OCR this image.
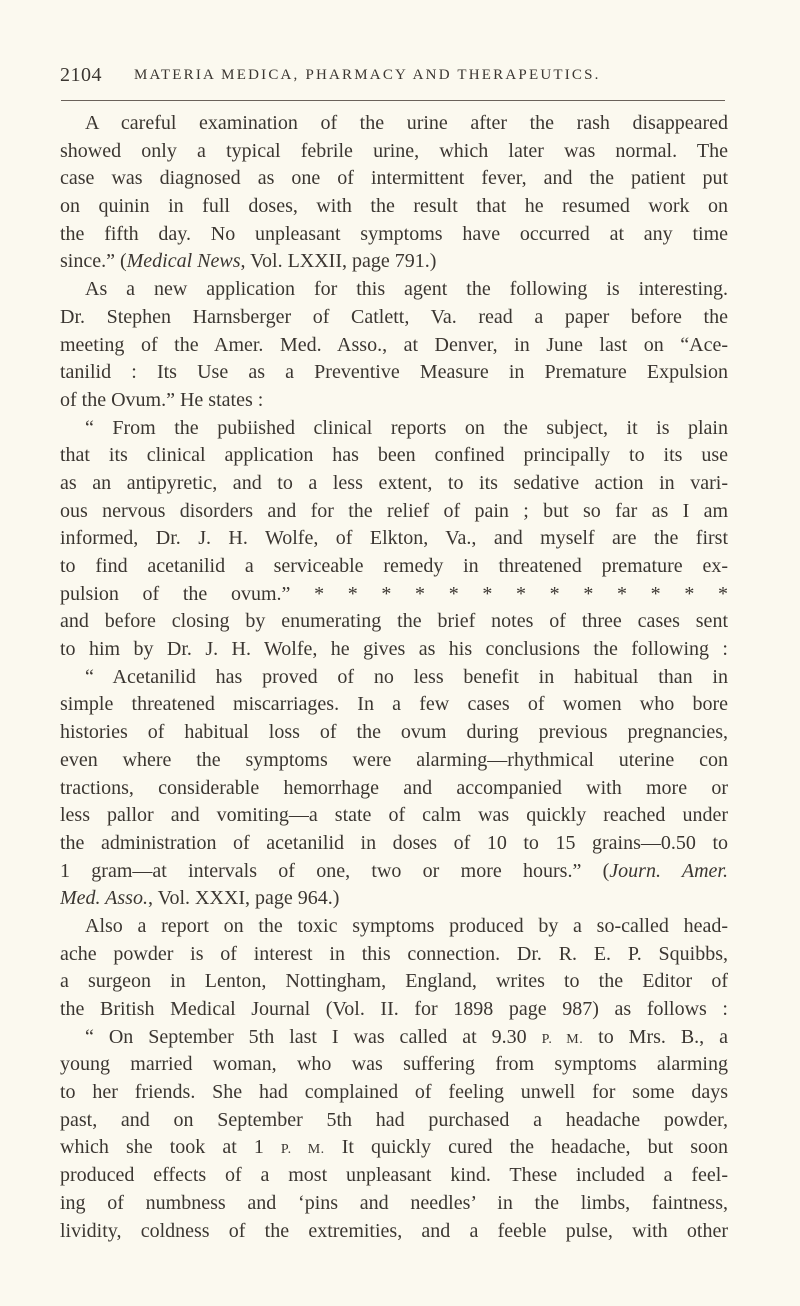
2104 MATERIA MEDICA, PHARMACY AND THERAPEUTICS.
A careful examination of the urine after the rash disappeared
showed only a typical febrile urine, which later was normal. The
case was diagnosed as one of intermittent fever, and the patient put
on quinin in full doses, with the result that he resumed work on
the fifth day. No unpleasant symptoms have occurred at any time
since.” (Medical News, Vol. LXXII, page 791.)
As a new application for this agent the following is interesting.
Dr. Stephen Harnsberger of Catlett, Va. read a paper before the
meeting of the Amer. Med. Asso., at Denver, in June last on “Ace-
tanilid : Its Use as a Preventive Measure in Premature Expulsion
of the Ovum.” He states :
“ From the pubiished clinical reports on the subject, it is plain
that its clinical application has been confined principally to its use
as an antipyretic, and to a less extent, to its sedative action in vari-
ous nervous disorders and for the relief of pain ; but so far as I am
informed, Dr. J. H. Wolfe, of Elkton, Va., and myself are the first
to find acetanilid a serviceable remedy in threatened premature ex-
pulsion of the ovum.” * * * * * * * * * * * * *
and before closing by enumerating the brief notes of three cases sent
to him by Dr. J. H. Wolfe, he gives as his conclusions the following :
“ Acetanilid has proved of no less benefit in habitual than in
simple threatened miscarriages. In a few cases of women who bore
histories of habitual loss of the ovum during previous pregnancies,
even where the symptoms were alarming—rhythmical uterine con
tractions, considerable hemorrhage and accompanied with more or
less pallor and vomiting—a state of calm was quickly reached under
the administration of acetanilid in doses of 10 to 15 grains—0.50 to
1 gram—at intervals of one, two or more hours.” (Journ. Amer.
Med. Asso., Vol. XXXI, page 964.)
Also a report on the toxic symptoms produced by a so-called head-
ache powder is of interest in this connection. Dr. R. E. P. Squibbs,
a surgeon in Lenton, Nottingham, England, writes to the Editor of
the British Medical Journal (Vol. II. for 1898 page 987) as follows :
“ On September 5th last I was called at 9.30 P. M. to Mrs. B., a
young married woman, who was suffering from symptoms alarming
to her friends. She had complained of feeling unwell for some days
past, and on September 5th had purchased a headache powder,
which she took at 1 P. M. It quickly cured the headache, but soon
produced effects of a most unpleasant kind. These included a feel-
ing of numbness and ‘pins and needles’ in the limbs, faintness,
lividity, coldness of the extremities, and a feeble pulse, with other
